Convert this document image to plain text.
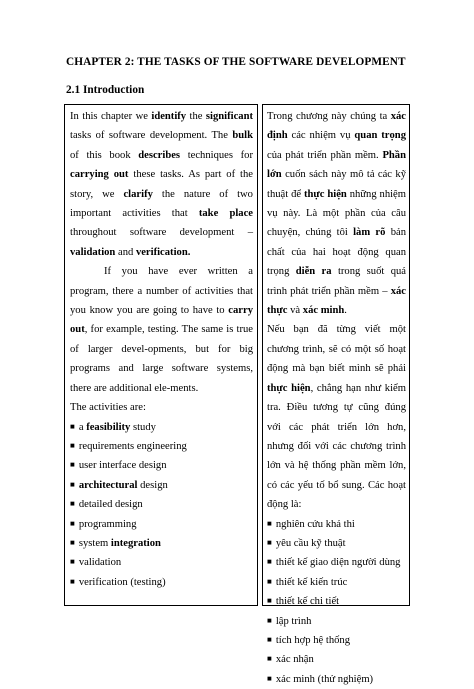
CHAPTER 2: THE TASKS OF THE SOFTWARE DEVELOPMENT
2.1 Introduction

In this chapter we identify the significant tasks of software development. The bulk of this book describes techniques for carrying out these tasks. As part of the story, we clarify the nature of two important activities that take place throughout software development –validation and verification.

If you have ever written a program, there a number of activities that you know you are going to have to carry out, for example, testing. The same is true of larger devel-opments, but for big programs and large software systems, there are additional ele-ments.

The activities are:

■ a feasibility study
■ requirements engineering
■ user interface design
■ architectural design
■ detailed design
■ programming
■ system integration
■ validation
■ verification (testing)

Trong chương này chúng ta xác định các nhiệm vụ quan trọng của phát triển phần mềm. Phần lớn cuốn sách này mô tả các kỹ thuật để thực hiện những nhiệm vụ này. Là một phần của câu chuyện, chúng tôi làm rõ bản chất của hai hoạt động quan trọng diễn ra trong suốt quá trình phát triển phần mềm – xác thực và xác minh.

Nếu bạn đã từng viết một chương trình, sẽ có một số hoạt động mà bạn biết mình sẽ phải thực hiện, chẳng hạn như kiểm tra. Điều tương tự cũng đúng với các phát triển lớn hơn, nhưng đối với các chương trình lớn và hệ thống phần mềm lớn, có các yếu tố bổ sung. Các hoạt động là:

■ nghiên cứu khả thi
■ yêu cầu kỹ thuật
■ thiết kế giao diện người dùng
■ thiết kế kiến trúc
■ thiết kế chi tiết
■ lập trình
■ tích hợp hệ thống
■ xác nhận
■ xác minh (thử nghiệm)
